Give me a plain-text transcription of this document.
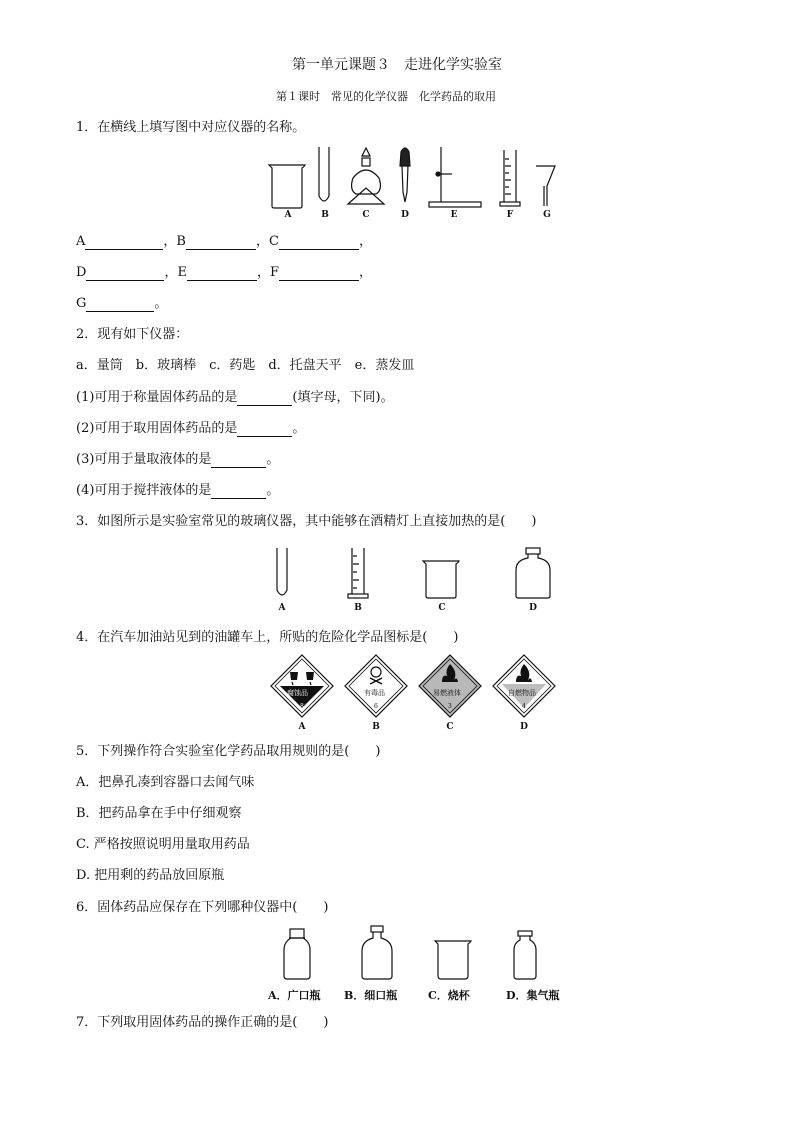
第一单元课题３　走进化学实验室
第１课时　常见的化学仪器　化学药品的取用
1．在横线上填写图中对应仪器的名称。
A	B	C	D	E	F	G
A	，B	，C	，
D	，E	，F	，
G	。
2．现有如下仪器：
a．量筒　b．玻璃棒　c．药匙　d．托盘天平　e．蒸发皿
(1)可用于称量固体药品的是	(填字母，下同)。
(2)可用于取用固体药品的是	。
(3)可用于量取液体的是	。
(4)可用于搅拌液体的是	。
3．如图所示是实验室常见的玻璃仪器，其中能够在酒精灯上直接加热的是(　　)
A	B	C	D
4．在汽车加油站见到的油罐车上，所贴的危险化学品图标是(　　)
腐蚀品
8
有毒品
6
易燃液体
3
自燃物品
4
A	B	C	D
5．下列操作符合实验室化学药品取用规则的是(　　)
A．把鼻孔凑到容器口去闻气味
B．把药品拿在手中仔细观察
C. 严格按照说明用量取用药品
D. 把用剩的药品放回原瓶
6．固体药品应保存在下列哪种仪器中(　　)
A．广口瓶 B．细口瓶	C．烧杯	D．集气瓶
7．下列取用固体药品的操作正确的是(　　)
